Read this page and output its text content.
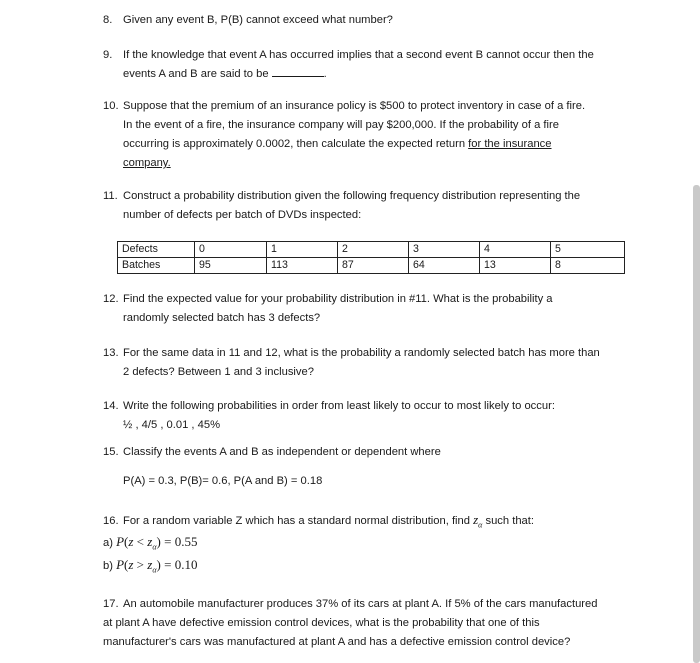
8. Given any event B, P(B) cannot exceed what number?
9. If the knowledge that event A has occurred implies that a second event B cannot occur then the
events A and B are said to be	.
10. Suppose that the premium of an insurance policy is $500 to protect inventory in case of a fire.
In the event of a fire, the insurance company will pay $200,000. If the probability of a fire
occurring is approximately 0.0002, then calculate the expected return for the insurance
company.
11. Construct a probability distribution given the following frequency distribution representing the
number of defects per batch of DVDs inspected:
Defects	0	1	2	3	4	5
Batches	95	113	87	64	13	8
12. Find the expected value for your probability distribution in #11. What is the probability a
randomly selected batch has 3 defects?
13. For the same data in 11 and 12, what is the probability a randomly selected batch has more than
2 defects? Between 1 and 3 inclusive?
14. Write the following probabilities in order from least likely to occur to most likely to occur:
½ , 4/5 , 0.01 , 45%
15. Classify the events A and B as independent or dependent where
P(A) = 0.3, P(B)= 0.6, P(A and B) = 0.18
16. For a random variable Z which has a standard normal distribution, find $z_\alpha$ such that:
a) $P(z < z_\alpha) = 0.55$
b) $P(z > z_\alpha) = 0.10$
17. An automobile manufacturer produces 37% of its cars at plant A. If 5% of the cars manufactured
at plant A have defective emission control devices, what is the probability that one of this
manufacturer's cars was manufactured at plant A and has a defective emission control device?
